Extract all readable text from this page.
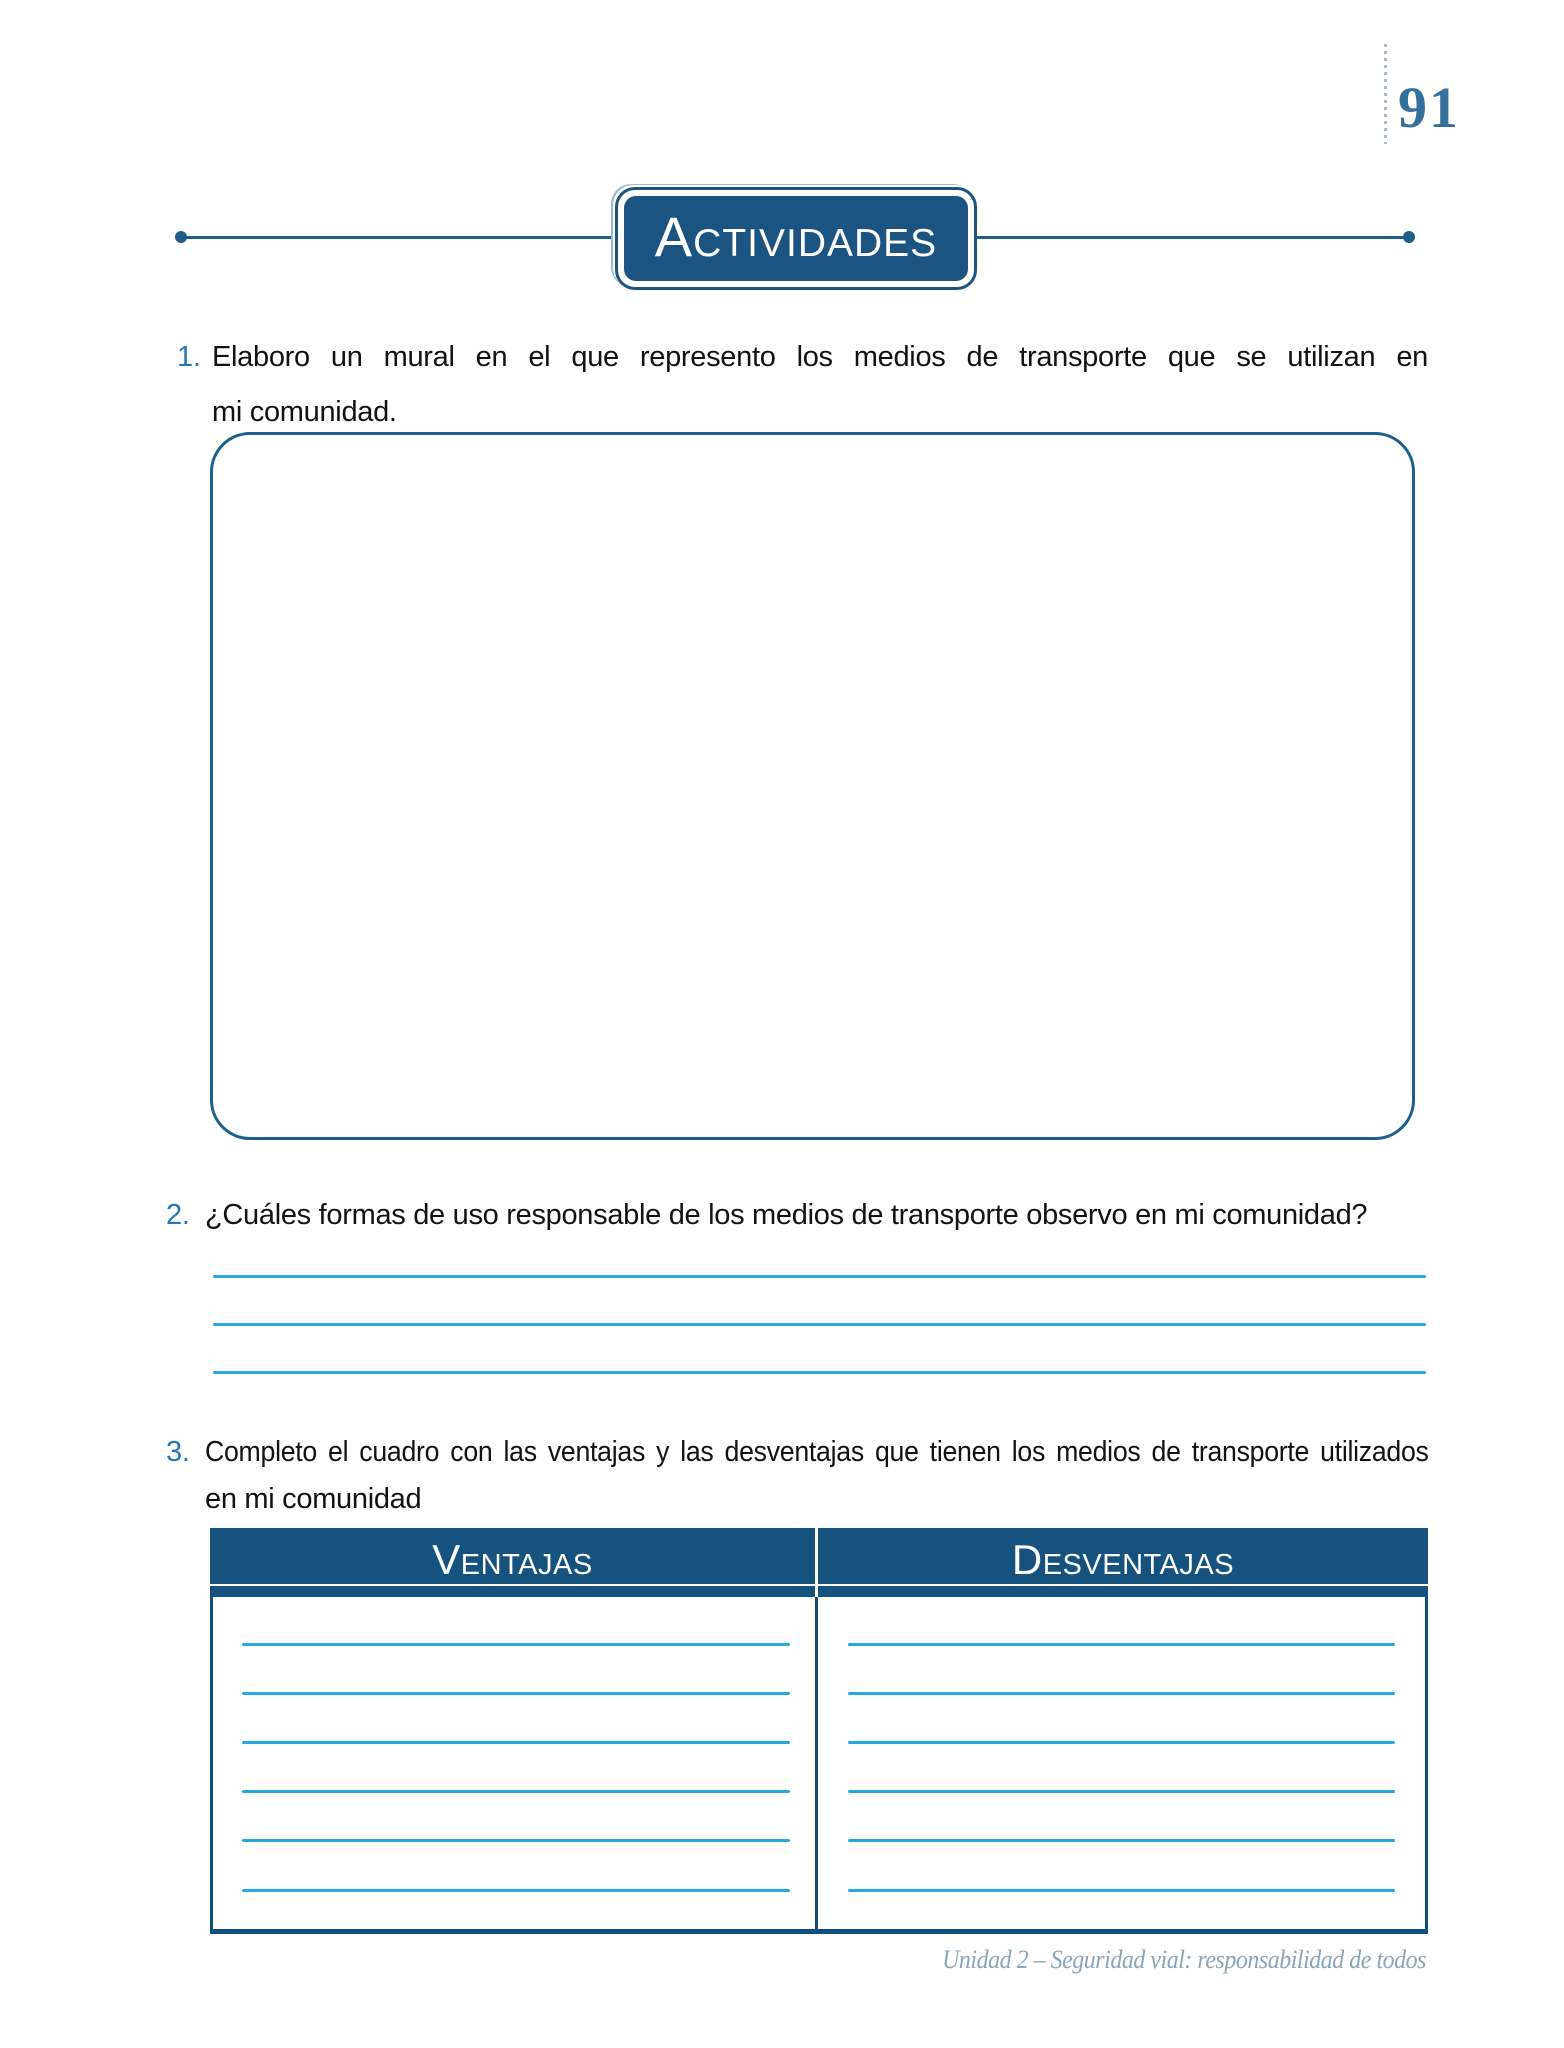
91
Actividades
1. Elaboro un mural en el que represento los medios de transporte que se utilizan en
mi comunidad.
2. ¿Cuáles formas de uso responsable de los medios de transporte observo en mi comunidad?
3. Completo el cuadro con las ventajas y las desventajas que tienen los medios de transporte utilizados
en mi comunidad
Ventajas	Desventajas
Unidad 2 – Seguridad vial: responsabilidad de todos
